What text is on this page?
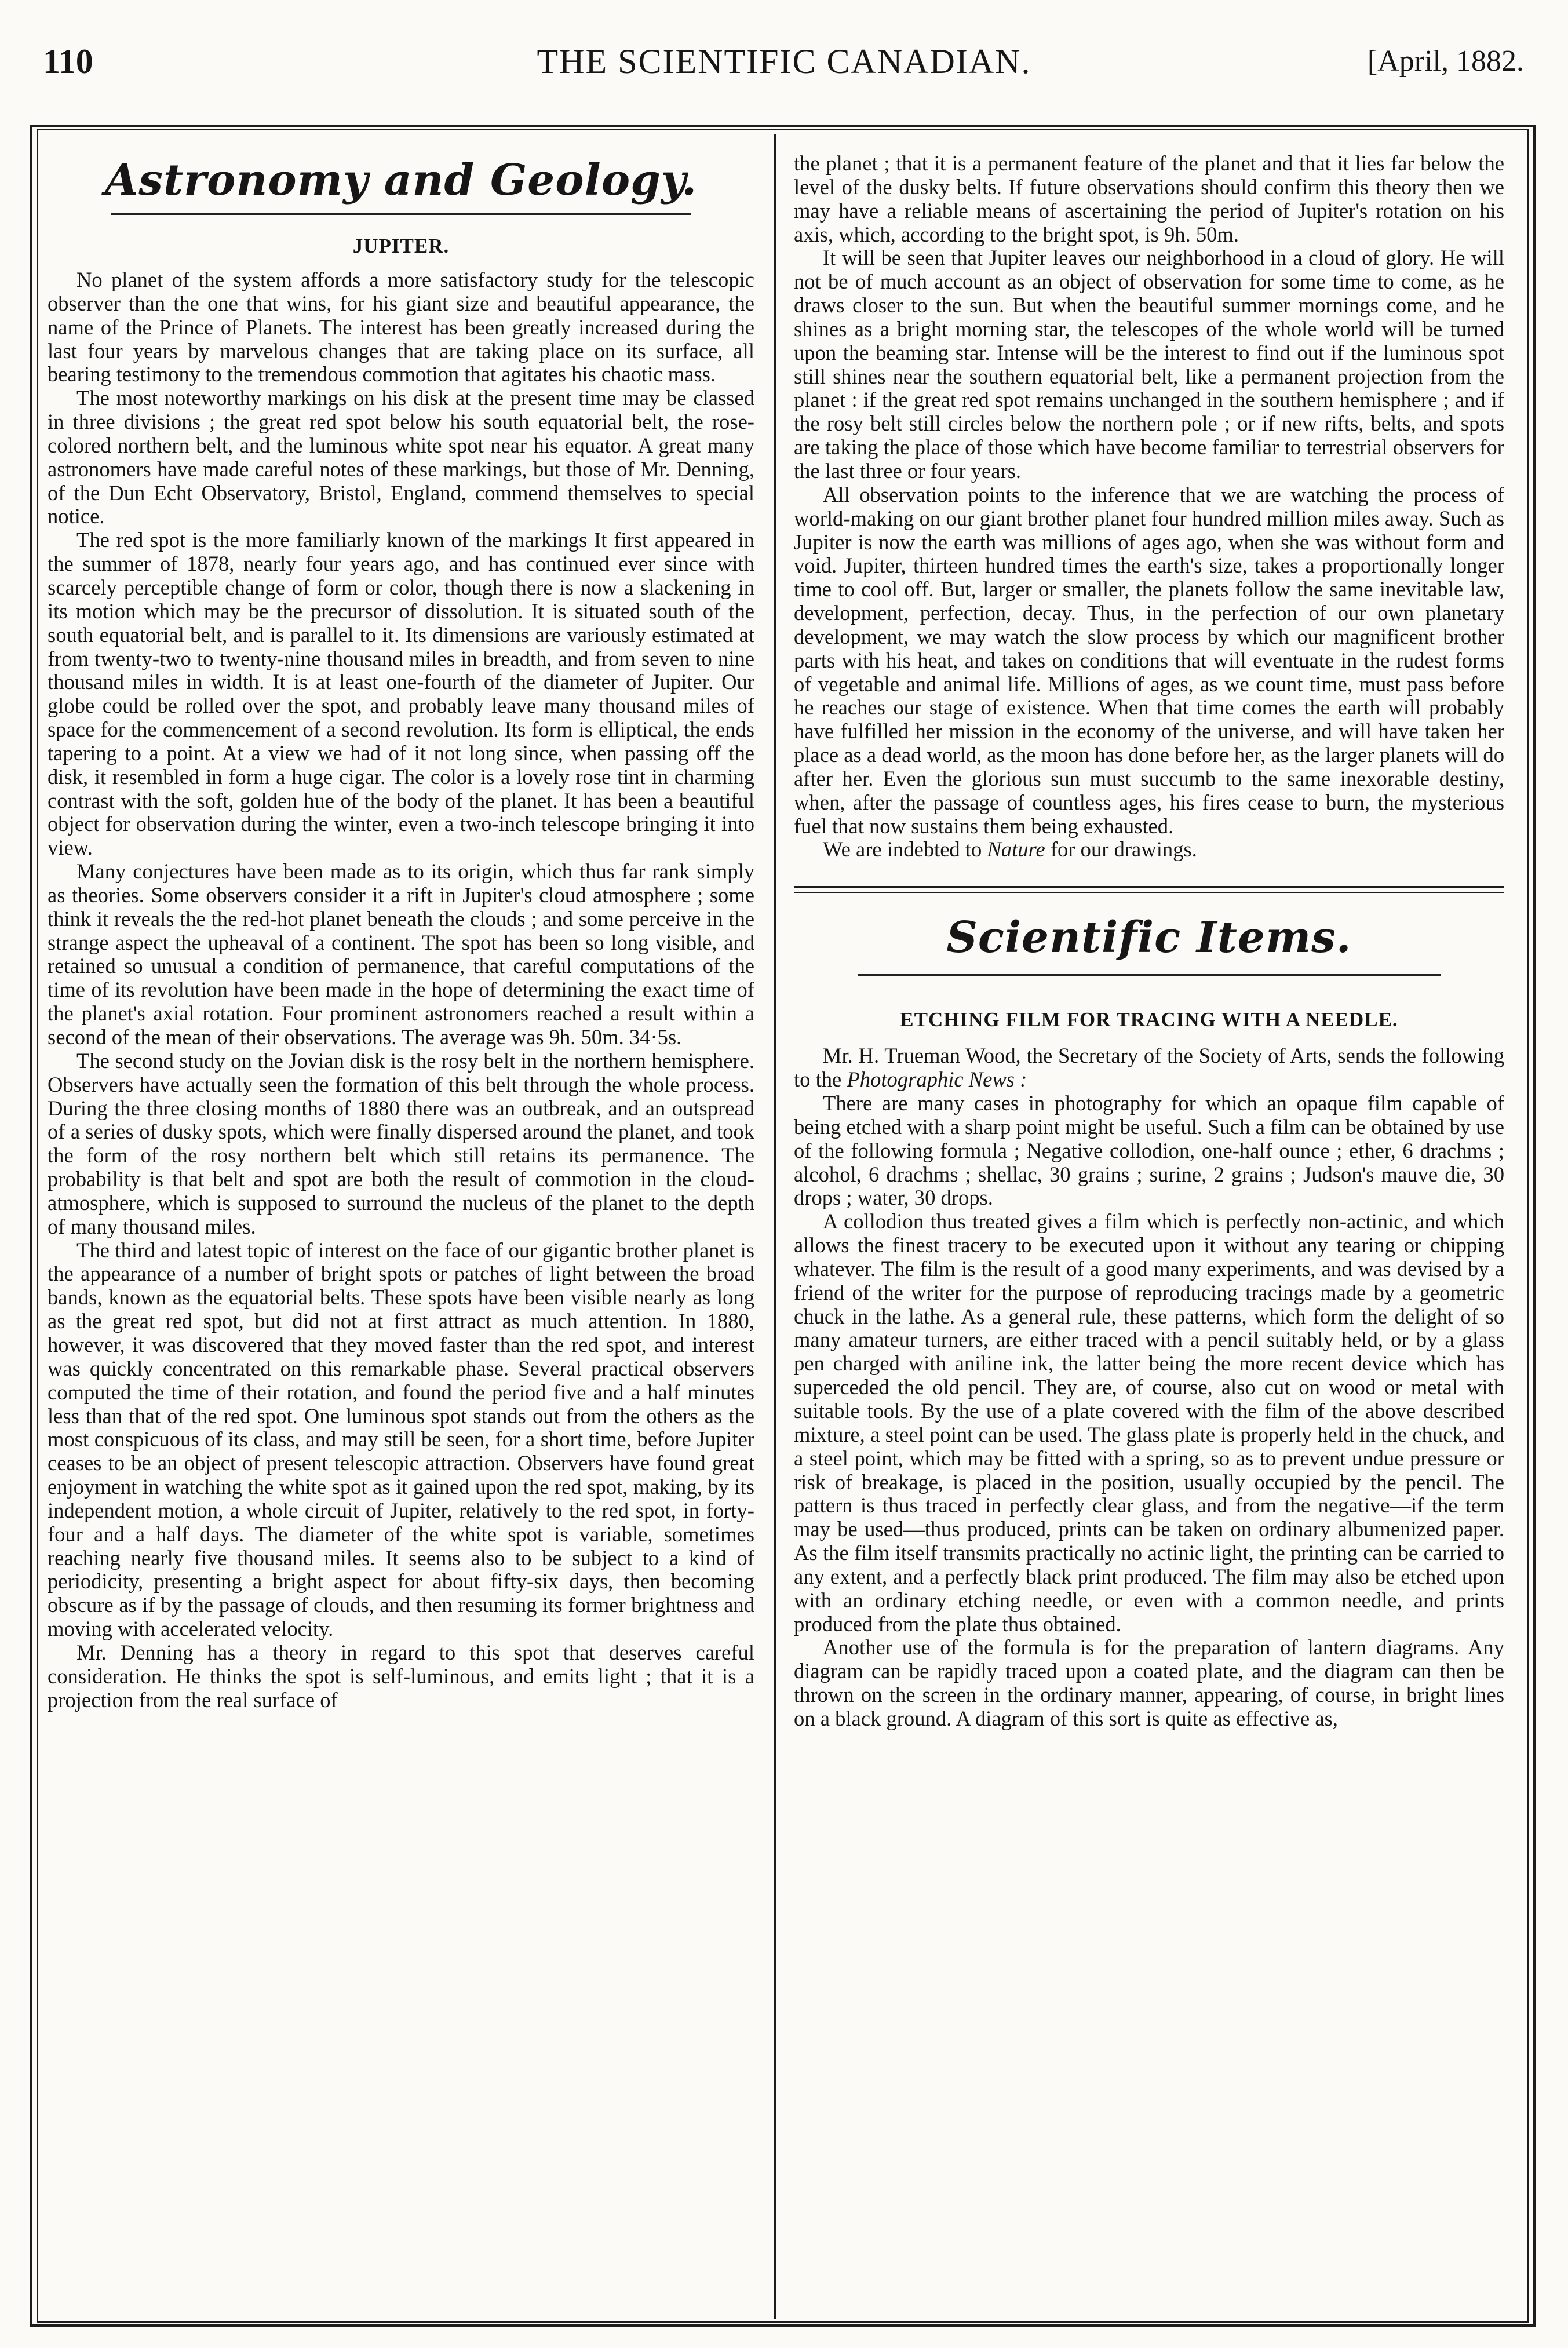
110	THE SCIENTIFIC CANADIAN.	[April, 1882.
Astronomy and Geology.
JUPITER.

No planet of the system affords a more satisfactory study for the telescopic observer than the one that wins, for his giant size and beautiful appearance, the name of the Prince of Planets. The interest has been greatly increased during the last four years by marvelous changes that are taking place on its surface, all bearing testimony to the tremendous commotion that agitates his chaotic mass.

The most noteworthy markings on his disk at the present time may be classed in three divisions ; the great red spot below his south equatorial belt, the rose-colored northern belt, and the luminous white spot near his equator. A great many astronomers have made careful notes of these markings, but those of Mr. Denning, of the Dun Echt Observatory, Bristol, England, commend themselves to special notice.

The red spot is the more familiarly known of the markings It first appeared in the summer of 1878, nearly four years ago, and has continued ever since with scarcely perceptible change of form or color, though there is now a slackening in its motion which may be the precursor of dissolution. It is situated south of the south equatorial belt, and is parallel to it. Its dimensions are variously estimated at from twenty-two to twenty-nine thousand miles in breadth, and from seven to nine thousand miles in width. It is at least one-fourth of the diameter of Jupiter. Our globe could be rolled over the spot, and probably leave many thousand miles of space for the commencement of a second revolution. Its form is elliptical, the ends tapering to a point. At a view we had of it not long since, when passing off the disk, it resembled in form a huge cigar. The color is a lovely rose tint in charming contrast with the soft, golden hue of the body of the planet. It has been a beautiful object for observation during the winter, even a two-inch telescope bringing it into view.

Many conjectures have been made as to its origin, which thus far rank simply as theories. Some observers consider it a rift in Jupiter's cloud atmosphere ; some think it reveals the the red-hot planet beneath the clouds ; and some perceive in the strange aspect the upheaval of a continent. The spot has been so long visible, and retained so unusual a condition of permanence, that careful computations of the time of its revolution have been made in the hope of determining the exact time of the planet's axial rotation. Four prominent astronomers reached a result within a second of the mean of their observations. The average was 9h. 50m. 34·5s.

The second study on the Jovian disk is the rosy belt in the northern hemisphere. Observers have actually seen the formation of this belt through the whole process. During the three closing months of 1880 there was an outbreak, and an outspread of a series of dusky spots, which were finally dispersed around the planet, and took the form of the rosy northern belt which still retains its permanence. The probability is that belt and spot are both the result of commotion in the cloud-atmosphere, which is supposed to surround the nucleus of the planet to the depth of many thousand miles.

The third and latest topic of interest on the face of our gigantic brother planet is the appearance of a number of bright spots or patches of light between the broad bands, known as the equatorial belts. These spots have been visible nearly as long as the great red spot, but did not at first attract as much attention. In 1880, however, it was discovered that they moved faster than the red spot, and interest was quickly concentrated on this remarkable phase. Several practical observers computed the time of their rotation, and found the period five and a half minutes less than that of the red spot. One luminous spot stands out from the others as the most conspicuous of its class, and may still be seen, for a short time, before Jupiter ceases to be an object of present telescopic attraction. Observers have found great enjoyment in watching the white spot as it gained upon the red spot, making, by its independent motion, a whole circuit of Jupiter, relatively to the red spot, in forty-four and a half days. The diameter of the white spot is variable, sometimes reaching nearly five thousand miles. It seems also to be subject to a kind of periodicity, presenting a bright aspect for about fifty-six days, then becoming obscure as if by the passage of clouds, and then resuming its former brightness and moving with accelerated velocity.

Mr. Denning has a theory in regard to this spot that deserves careful consideration. He thinks the spot is self-luminous, and emits light ; that it is a projection from the real surface of

the planet ; that it is a permanent feature of the planet and that it lies far below the level of the dusky belts. If future observations should confirm this theory then we may have a reliable means of ascertaining the period of Jupiter's rotation on his axis, which, according to the bright spot, is 9h. 50m.

It will be seen that Jupiter leaves our neighborhood in a cloud of glory. He will not be of much account as an object of observation for some time to come, as he draws closer to the sun. But when the beautiful summer mornings come, and he shines as a bright morning star, the telescopes of the whole world will be turned upon the beaming star. Intense will be the interest to find out if the luminous spot still shines near the southern equatorial belt, like a permanent projection from the planet : if the great red spot remains unchanged in the southern hemisphere ; and if the rosy belt still circles below the northern pole ; or if new rifts, belts, and spots are taking the place of those which have become familiar to terrestrial observers for the last three or four years.

All observation points to the inference that we are watching the process of world-making on our giant brother planet four hundred million miles away. Such as Jupiter is now the earth was millions of ages ago, when she was without form and void. Jupiter, thirteen hundred times the earth's size, takes a proportionally longer time to cool off. But, larger or smaller, the planets follow the same inevitable law, development, perfection, decay. Thus, in the perfection of our own planetary development, we may watch the slow process by which our magnificent brother parts with his heat, and takes on conditions that will eventuate in the rudest forms of vegetable and animal life. Millions of ages, as we count time, must pass before he reaches our stage of existence. When that time comes the earth will probably have fulfilled her mission in the economy of the universe, and will have taken her place as a dead world, as the moon has done before her, as the larger planets will do after her. Even the glorious sun must succumb to the same inexorable destiny, when, after the passage of countless ages, his fires cease to burn, the mysterious fuel that now sustains them being exhausted.

We are indebted to Nature for our drawings.

Scientific Items.
ETCHING FILM FOR TRACING WITH A NEEDLE.

Mr. H. Trueman Wood, the Secretary of the Society of Arts, sends the following to the Photographic News :

There are many cases in photography for which an opaque film capable of being etched with a sharp point might be useful. Such a film can be obtained by use of the following formula ; Negative collodion, one-half ounce ; ether, 6 drachms ; alcohol, 6 drachms ; shellac, 30 grains ; surine, 2 grains ; Judson's mauve die, 30 drops ; water, 30 drops.

A collodion thus treated gives a film which is perfectly non-actinic, and which allows the finest tracery to be executed upon it without any tearing or chipping whatever. The film is the result of a good many experiments, and was devised by a friend of the writer for the purpose of reproducing tracings made by a geometric chuck in the lathe. As a general rule, these patterns, which form the delight of so many amateur turners, are either traced with a pencil suitably held, or by a glass pen charged with aniline ink, the latter being the more recent device which has superceded the old pencil. They are, of course, also cut on wood or metal with suitable tools. By the use of a plate covered with the film of the above described mixture, a steel point can be used. The glass plate is properly held in the chuck, and a steel point, which may be fitted with a spring, so as to prevent undue pressure or risk of breakage, is placed in the position, usually occupied by the pencil. The pattern is thus traced in perfectly clear glass, and from the negative—if the term may be used—thus produced, prints can be taken on ordinary albumenized paper. As the film itself transmits practically no actinic light, the printing can be carried to any extent, and a perfectly black print produced. The film may also be etched upon with an ordinary etching needle, or even with a common needle, and prints produced from the plate thus obtained.

Another use of the formula is for the preparation of lantern diagrams. Any diagram can be rapidly traced upon a coated plate, and the diagram can then be thrown on the screen in the ordinary manner, appearing, of course, in bright lines on a black ground. A diagram of this sort is quite as effective as,
